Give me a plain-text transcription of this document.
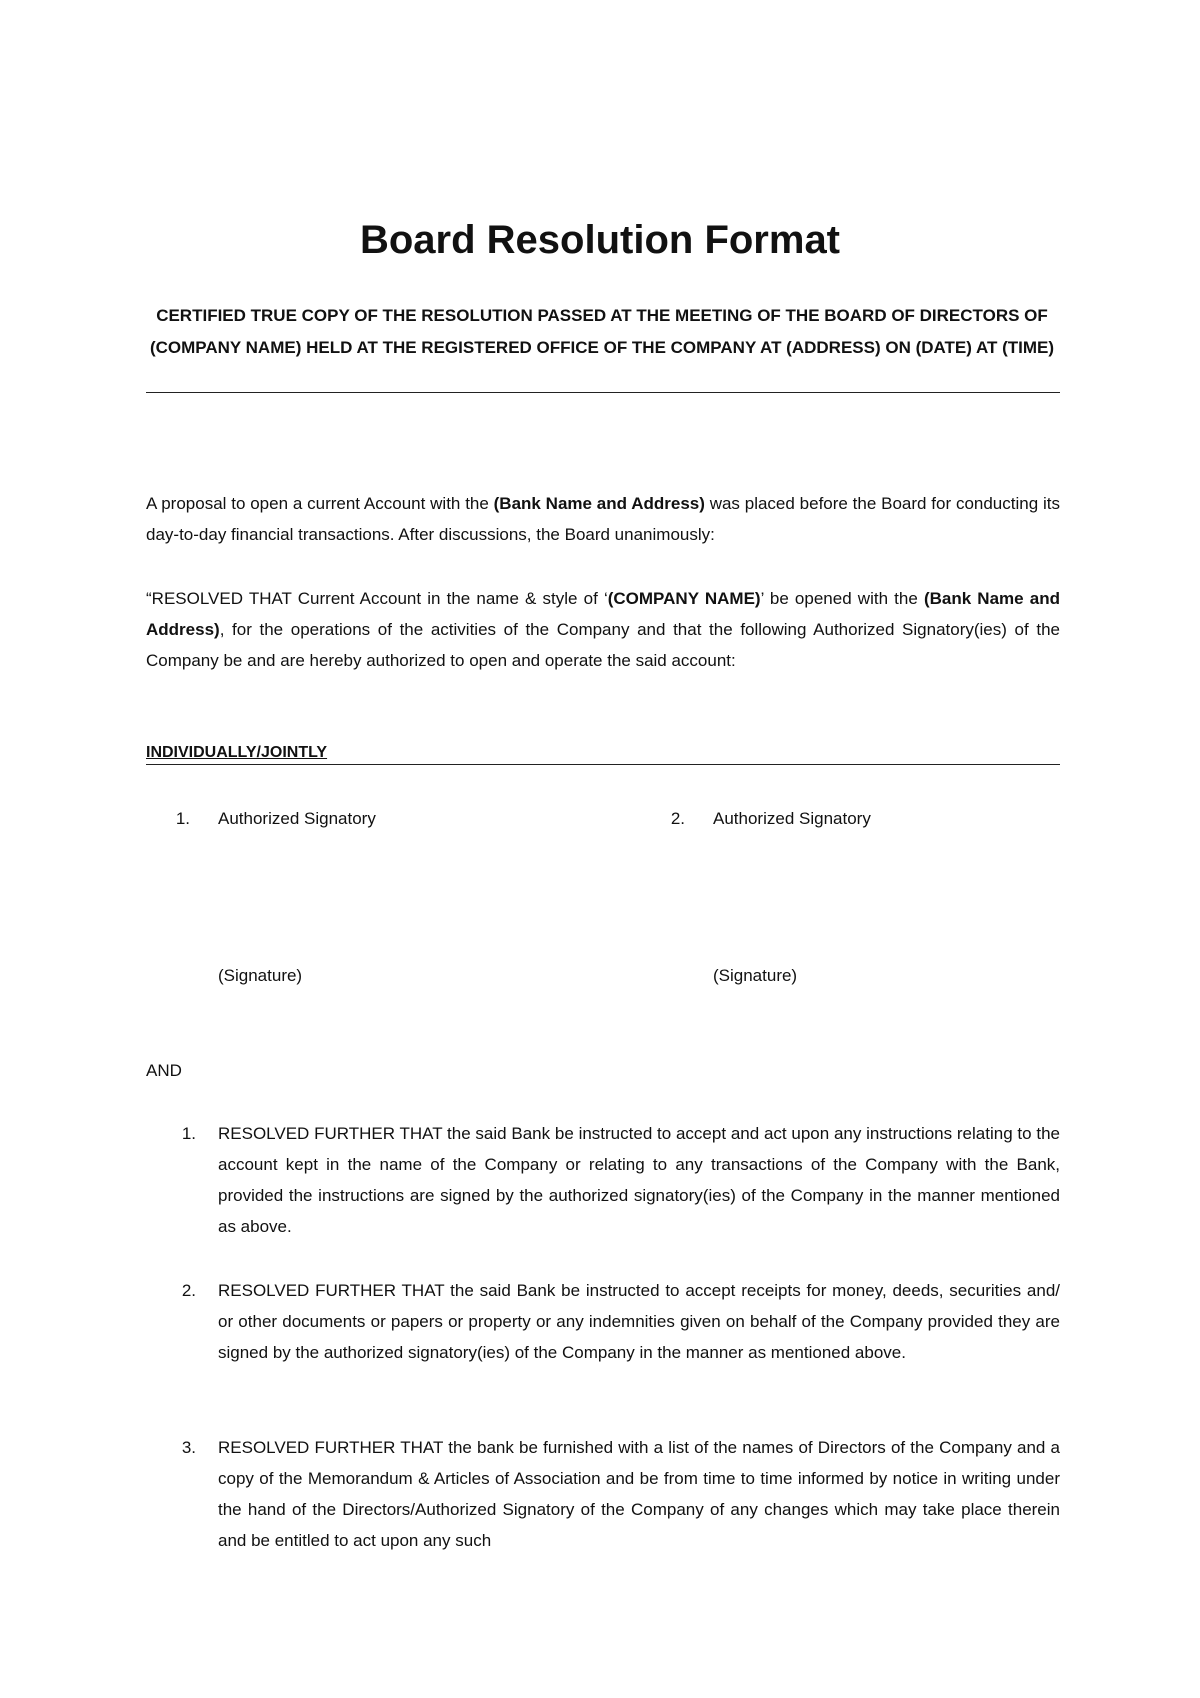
Board Resolution Format
CERTIFIED TRUE COPY OF THE RESOLUTION PASSED AT THE MEETING OF THE BOARD OF DIRECTORS OF (COMPANY NAME) HELD AT THE REGISTERED OFFICE OF THE COMPANY AT (ADDRESS) ON (DATE) AT (TIME)
A proposal to open a current Account with the (Bank Name and Address) was placed before the Board for conducting its day-to-day financial transactions. After discussions, the Board unanimously:
“RESOLVED THAT Current Account in the name & style of ‘(COMPANY NAME)’ be opened with the (Bank Name and Address), for the operations of the activities of the Company and that the following Authorized Signatory(ies) of the Company be and are hereby authorized to open and operate the said account:
INDIVIDUALLY/JOINTLY
1. Authorized Signatory	2. Authorized Signatory
(Signature)	(Signature)
AND
1. RESOLVED FURTHER THAT the said Bank be instructed to accept and act upon any instructions relating to the account kept in the name of the Company or relating to any transactions of the Company with the Bank, provided the instructions are signed by the authorized signatory(ies) of the Company in the manner mentioned as above.
2. RESOLVED FURTHER THAT the said Bank be instructed to accept receipts for money, deeds, securities and/ or other documents or papers or property or any indemnities given on behalf of the Company provided they are signed by the authorized signatory(ies) of the Company in the manner as mentioned above.
3. RESOLVED FURTHER THAT the bank be furnished with a list of the names of Directors of the Company and a copy of the Memorandum & Articles of Association and be from time to time informed by notice in writing under the hand of the Directors/Authorized Signatory of the Company of any changes which may take place therein and be entitled to act upon any such
